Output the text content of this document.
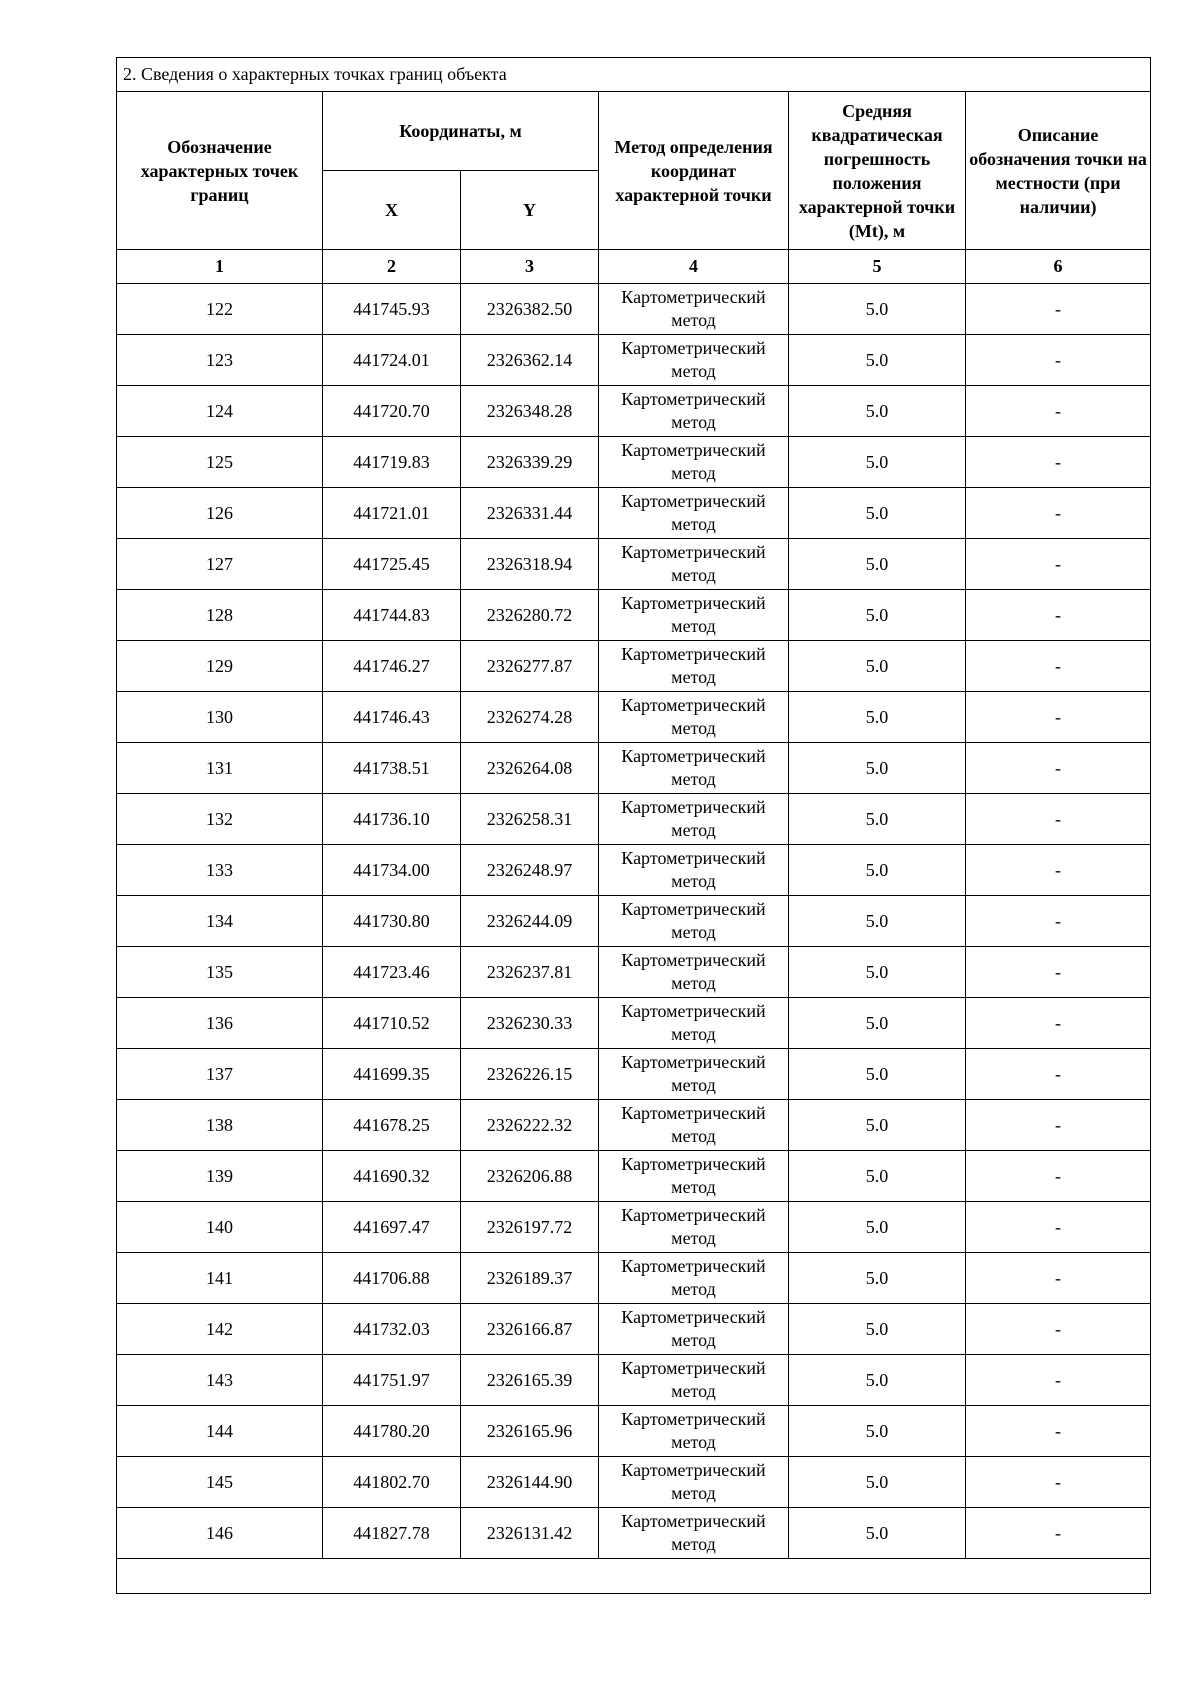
2. Сведения о характерных точках границ объекта					
Обозначение характерных точек границ	Координаты, м		Метод определения координат характерной точки	Средняя квадратическая погрешность положения характерной точки (Mt), м	Описание обозначения точки на местности (при наличии)
	X	Y			
1	2	3	4	5	6
122	441745.93	2326382.50	Картометрический метод	5.0	-
123	441724.01	2326362.14	Картометрический метод	5.0	-
124	441720.70	2326348.28	Картометрический метод	5.0	-
125	441719.83	2326339.29	Картометрический метод	5.0	-
126	441721.01	2326331.44	Картометрический метод	5.0	-
127	441725.45	2326318.94	Картометрический метод	5.0	-
128	441744.83	2326280.72	Картометрический метод	5.0	-
129	441746.27	2326277.87	Картометрический метод	5.0	-
130	441746.43	2326274.28	Картометрический метод	5.0	-
131	441738.51	2326264.08	Картометрический метод	5.0	-
132	441736.10	2326258.31	Картометрический метод	5.0	-
133	441734.00	2326248.97	Картометрический метод	5.0	-
134	441730.80	2326244.09	Картометрический метод	5.0	-
135	441723.46	2326237.81	Картометрический метод	5.0	-
136	441710.52	2326230.33	Картометрический метод	5.0	-
137	441699.35	2326226.15	Картометрический метод	5.0	-
138	441678.25	2326222.32	Картометрический метод	5.0	-
139	441690.32	2326206.88	Картометрический метод	5.0	-
140	441697.47	2326197.72	Картометрический метод	5.0	-
141	441706.88	2326189.37	Картометрический метод	5.0	-
142	441732.03	2326166.87	Картометрический метод	5.0	-
143	441751.97	2326165.39	Картометрический метод	5.0	-
144	441780.20	2326165.96	Картометрический метод	5.0	-
145	441802.70	2326144.90	Картометрический метод	5.0	-
146	441827.78	2326131.42	Картометрический метод	5.0	-
